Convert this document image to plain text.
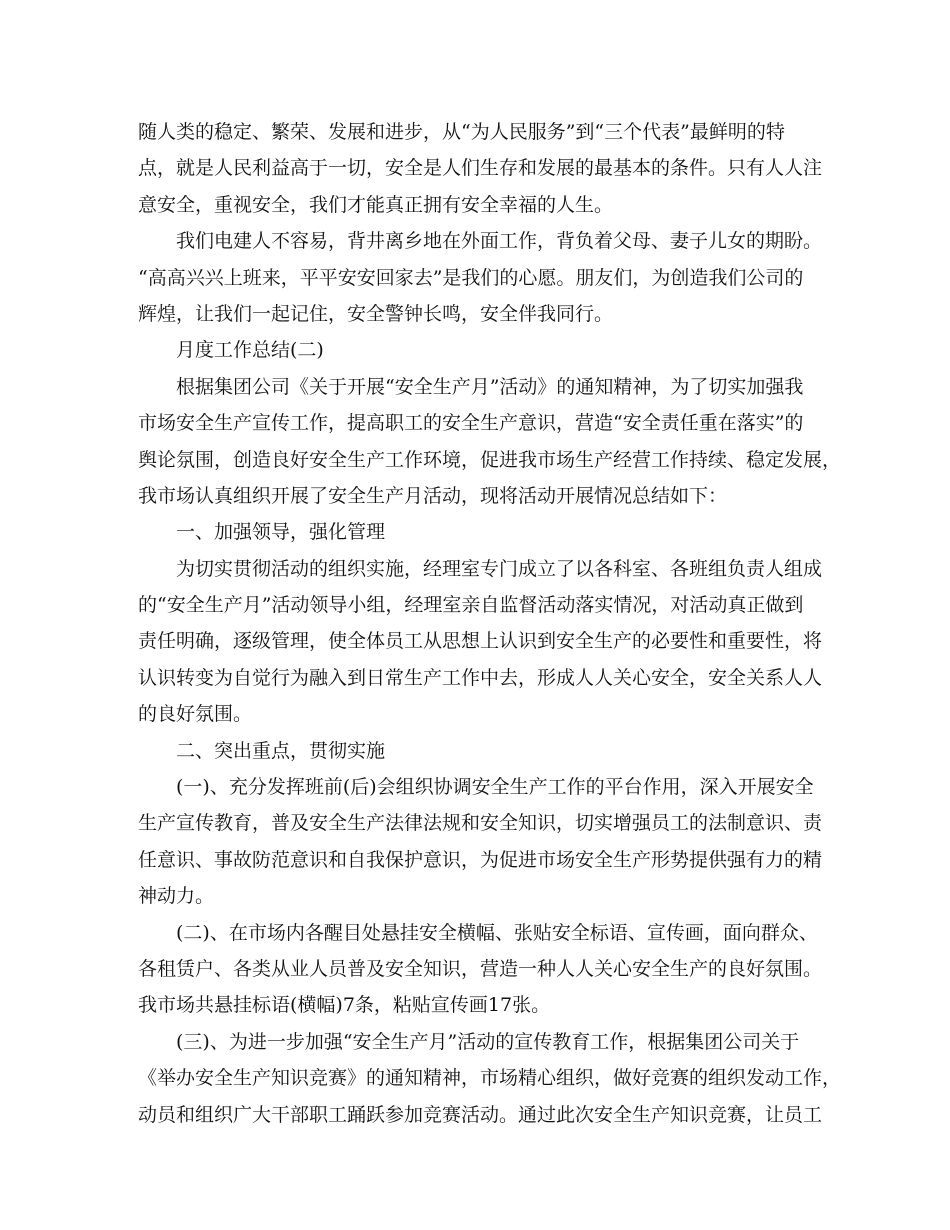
随人类的稳定、繁荣、发展和进步，从“为人民服务”到“三个代表”最鲜明的特
点，就是人民利益高于一切，安全是人们生存和发展的最基本的条件。只有人人注
意安全，重视安全，我们才能真正拥有安全幸福的人生。
我们电建人不容易，背井离乡地在外面工作，背负着父母、妻子儿女的期盼。
“高高兴兴上班来，平平安安回家去”是我们的心愿。朋友们，为创造我们公司的
辉煌，让我们一起记住，安全警钟长鸣，安全伴我同行。
月度工作总结(二)
根据集团公司《关于开展“安全生产月”活动》的通知精神，为了切实加强我
市场安全生产宣传工作，提高职工的安全生产意识，营造“安全责任重在落实”的
舆论氛围，创造良好安全生产工作环境，促进我市场生产经营工作持续、稳定发展，
我市场认真组织开展了安全生产月活动，现将活动开展情况总结如下：
一、加强领导，强化管理
为切实贯彻活动的组织实施，经理室专门成立了以各科室、各班组负责人组成
的“安全生产月”活动领导小组，经理室亲自监督活动落实情况，对活动真正做到
责任明确，逐级管理，使全体员工从思想上认识到安全生产的必要性和重要性，将
认识转变为自觉行为融入到日常生产工作中去，形成人人关心安全，安全关系人人
的良好氛围。
二、突出重点，贯彻实施
(一)、充分发挥班前(后)会组织协调安全生产工作的平台作用，深入开展安全
生产宣传教育，普及安全生产法律法规和安全知识，切实增强员工的法制意识、责
任意识、事故防范意识和自我保护意识，为促进市场安全生产形势提供强有力的精
神动力。
(二)、在市场内各醒目处悬挂安全横幅、张贴安全标语、宣传画，面向群众、
各租赁户、各类从业人员普及安全知识，营造一种人人关心安全生产的良好氛围。
我市场共悬挂标语(横幅)7条，粘贴宣传画17张。
(三)、为进一步加强“安全生产月”活动的宣传教育工作，根据集团公司关于
《举办安全生产知识竞赛》的通知精神，市场精心组织，做好竞赛的组织发动工作，
动员和组织广大干部职工踊跃参加竞赛活动。通过此次安全生产知识竞赛，让员工
